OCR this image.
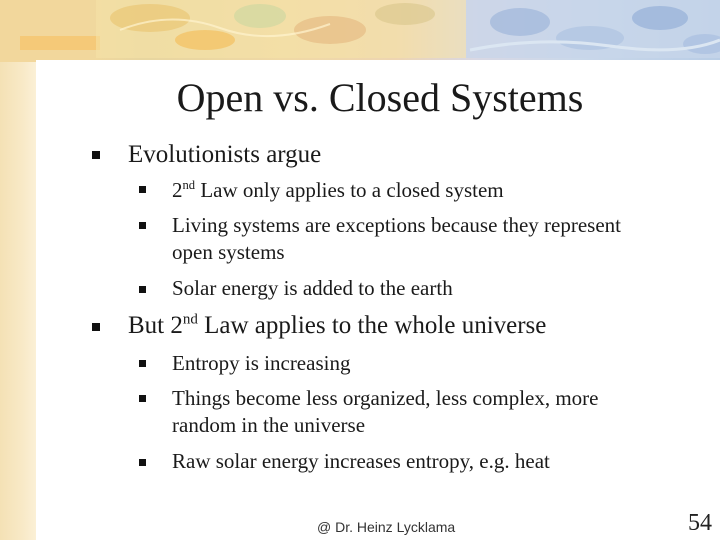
Open vs. Closed Systems
Evolutionists argue
2nd Law only applies to a closed system
Living systems are exceptions because they represent open systems
Solar energy is added to the earth
But 2nd Law applies to the whole universe
Entropy is increasing
Things become less organized, less complex, more random in the universe
Raw solar energy increases entropy, e.g. heat
@ Dr. Heinz Lycklama	54
